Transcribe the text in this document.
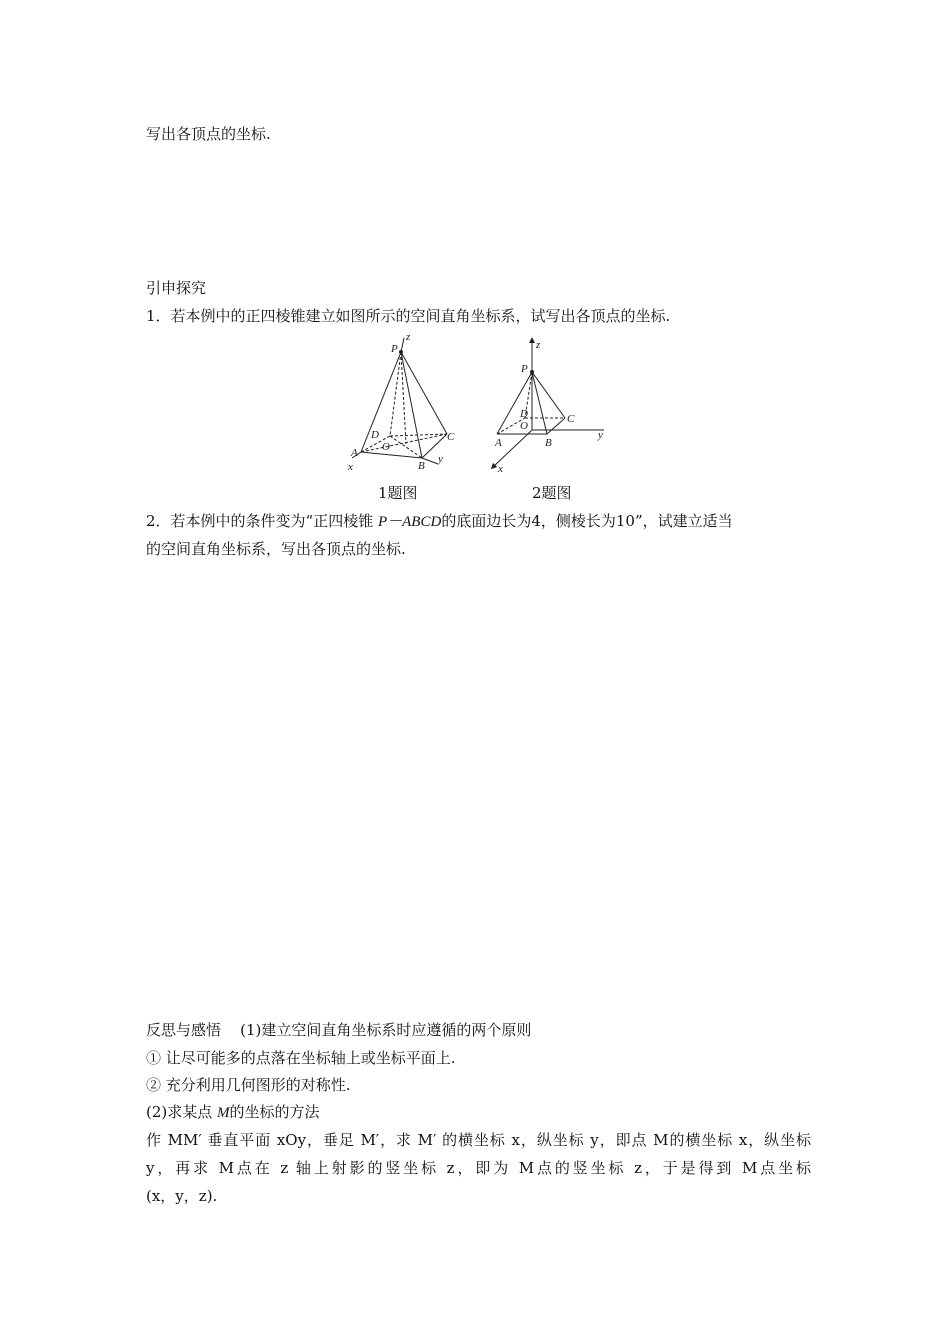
写出各顶点的坐标.
引申探究
1．若本例中的正四棱锥建立如图所示的空间直角坐标系，试写出各顶点的坐标.
P
z
D
O
C
A
B
x
y
z
P
D
O
C
A	B
y
x
1题图	2题图
2．若本例中的条件变为“正四棱锥 P－ABCD的底面边长为4，侧棱长为10”，试建立适当
的空间直角坐标系，写出各顶点的坐标.
反思与感悟 (1)建立空间直角坐标系时应遵循的两个原则
① 让尽可能多的点落在坐标轴上或坐标平面上.
② 充分利用几何图形的对称性.
(2)求某点 M的坐标的方法
作 MM′ 垂直平面 xOy，垂足 M′，求 M′ 的横坐标 x，纵坐标 y，即点 M的横坐标 x，纵坐标
y，再求 M点在 z 轴上射影的竖坐标 z，即为 M点的竖坐标 z，于是得到 M点坐标
(x，y，z).
